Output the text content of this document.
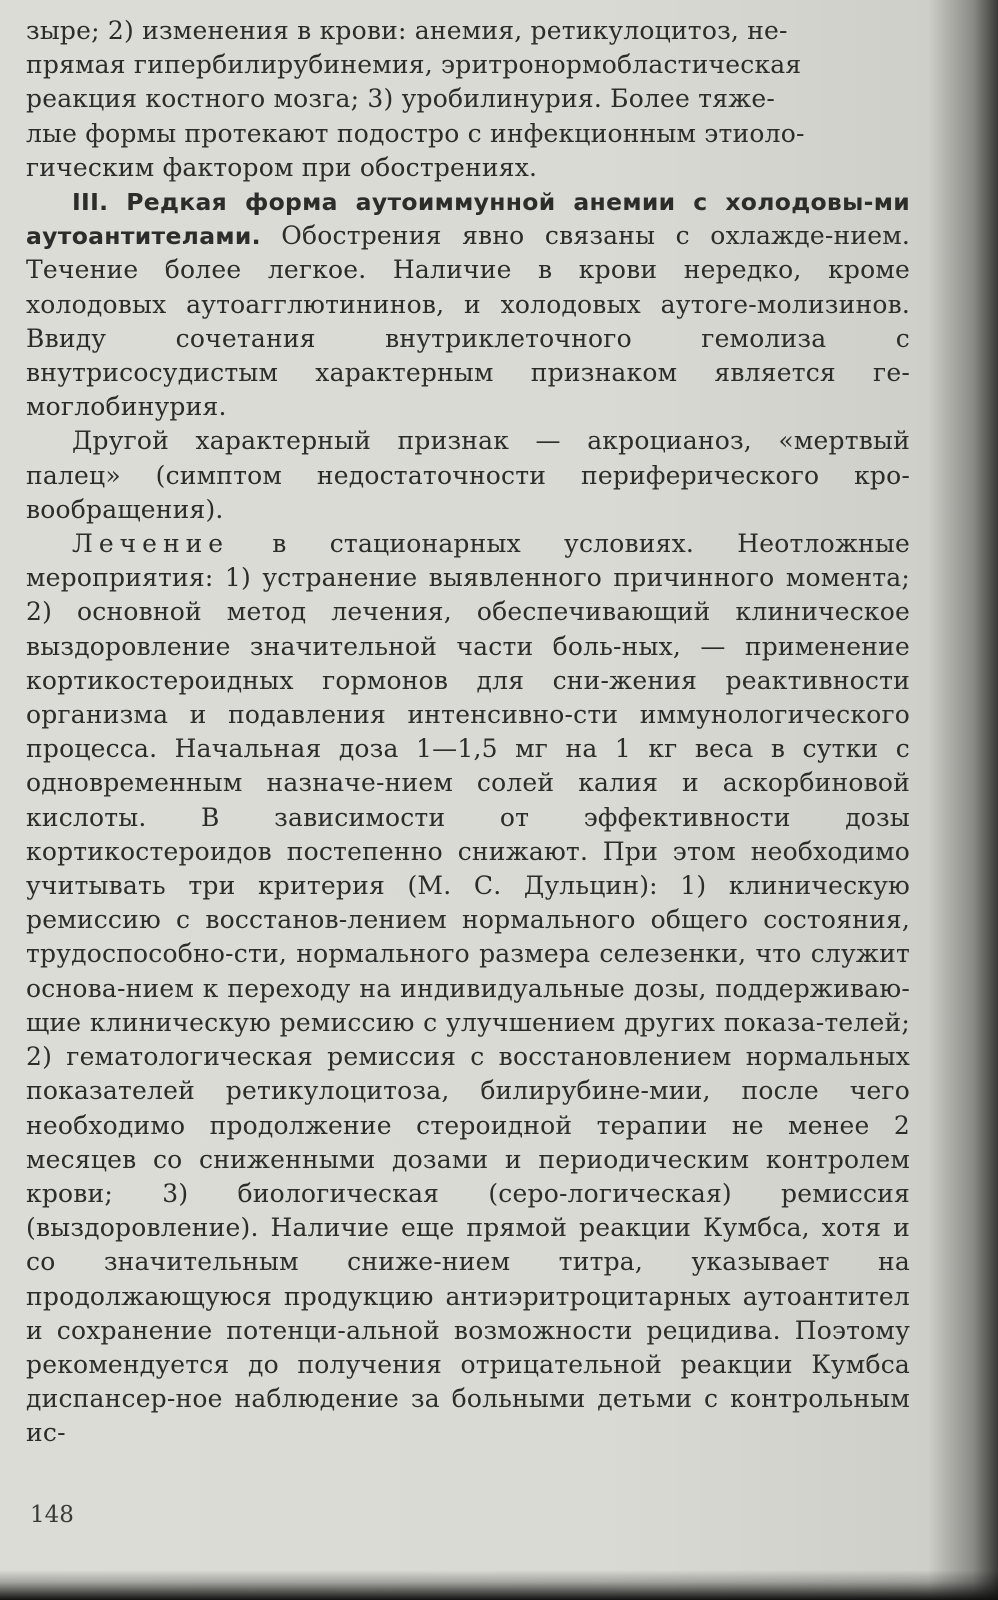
зыре; 2) изменения в крови: анемия, ретикулоцитоз, не-
прямая гипербилирубинемия, эритронормобластическая
реакция костного мозга; 3) уробилинурия. Более тяже-
лые формы протекают подостро с инфекционным этиоло-
гическим фактором при обострениях.

III. Редкая форма аутоиммунной анемии с холодовы-ми аутоантителами. Обострения явно связаны с охлажде-нием. Течение более легкое. Наличие в крови нередко, кроме холодовых аутоагглютининов, и холодовых аутоге-молизинов. Ввиду сочетания внутриклеточного гемолиза с внутрисосудистым характерным признаком является ге-моглобинурия.

Другой характерный признак — акроцианоз, «мертвый палец» (симптом недостаточности периферического кро-вообращения).

Лечение в стационарных условиях. Неотложные мероприятия: 1) устранение выявленного причинного момента; 2) основной метод лечения, обеспечивающий клиническое выздоровление значительной части боль-ных, — применение кортикостероидных гормонов для сни-жения реактивности организма и подавления интенсивно-сти иммунологического процесса. Начальная доза 1—1,5 мг на 1 кг веса в сутки с одновременным назначе-нием солей калия и аскорбиновой кислоты. В зависимости от эффективности дозы кортикостероидов постепенно снижают. При этом необходимо учитывать три критерия (М. С. Дульцин): 1) клиническую ремиссию с восстанов-лением нормального общего состояния, трудоспособно-сти, нормального размера селезенки, что служит основа-нием к переходу на индивидуальные дозы, поддерживаю-щие клиническую ремиссию с улучшением других показа-телей; 2) гематологическая ремиссия с восстановлением нормальных показателей ретикулоцитоза, билирубине-мии, после чего необходимо продолжение стероидной терапии не менее 2 месяцев со сниженными дозами и периодическим контролем крови; 3) биологическая (серо-логическая) ремиссия (выздоровление). Наличие еще прямой реакции Кумбса, хотя и со значительным сниже-нием титра, указывает на продолжающуюся продукцию антиэритроцитарных аутоантител и сохранение потенци-альной возможности рецидива. Поэтому рекомендуется до получения отрицательной реакции Кумбса диспансер-ное наблюдение за больными детьми с контрольным ис-

148
